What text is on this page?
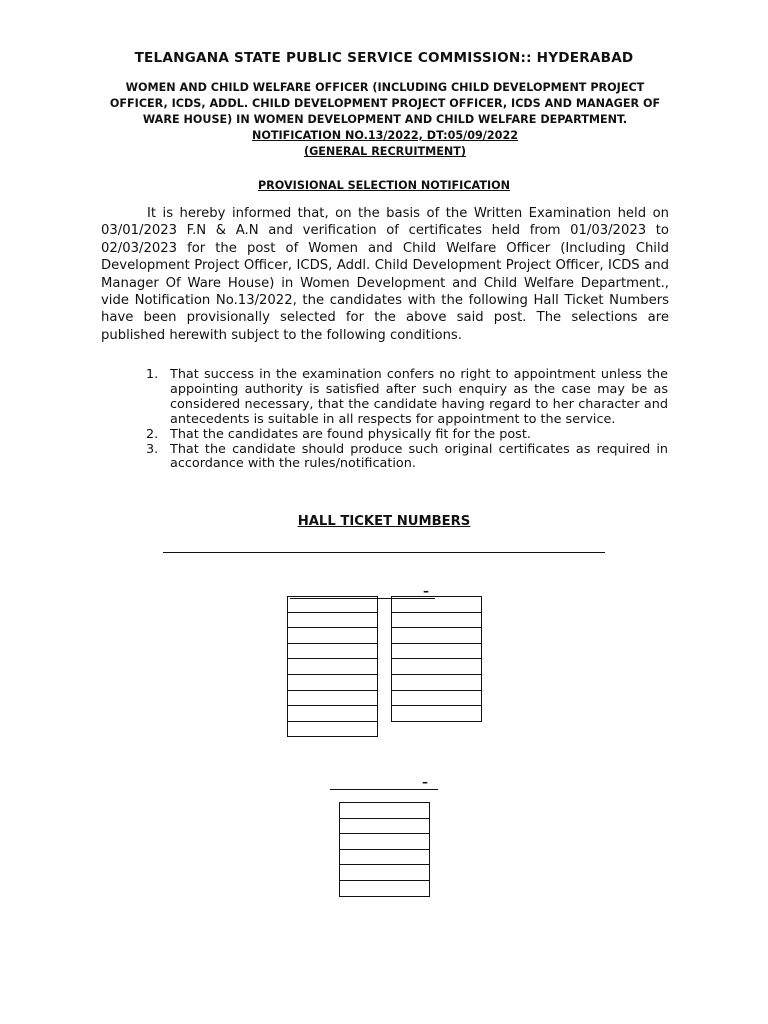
TELANGANA STATE PUBLIC SERVICE COMMISSION:: HYDERABAD
WOMEN AND CHILD WELFARE OFFICER (INCLUDING CHILD DEVELOPMENT PROJECT
OFFICER, ICDS, ADDL. CHILD DEVELOPMENT PROJECT OFFICER, ICDS AND MANAGER OF
WARE HOUSE) IN WOMEN DEVELOPMENT AND CHILD WELFARE DEPARTMENT.
NOTIFICATION NO.13/2022, DT:05/09/2022
(GENERAL RECRUITMENT)
PROVISIONAL SELECTION NOTIFICATION
It is hereby informed that, on the basis of the Written Examination held on 03/01/2023 F.N & A.N and verification of certificates held from 01/03/2023 to 02/03/2023 for the post of Women and Child Welfare Officer (Including Child Development Project Officer, ICDS, Addl. Child Development Project Officer, ICDS and Manager Of Ware House) in Women Development and Child Welfare Department., vide Notification No.13/2022, the candidates with the following Hall Ticket Numbers have been provisionally selected for the above said post. The selections are published herewith subject to the following conditions.
1. That success in the examination confers no right to appointment unless the appointing authority is satisfied after such enquiry as the case may be as considered necessary, that the candidate having regard to her character and antecedents is suitable in all respects for appointment to the service.
2. That the candidates are found physically fit for the post.
3. That the candidate should produce such original certificates as required in accordance with the rules/notification.
HALL TICKET NUMBERS
–

–
